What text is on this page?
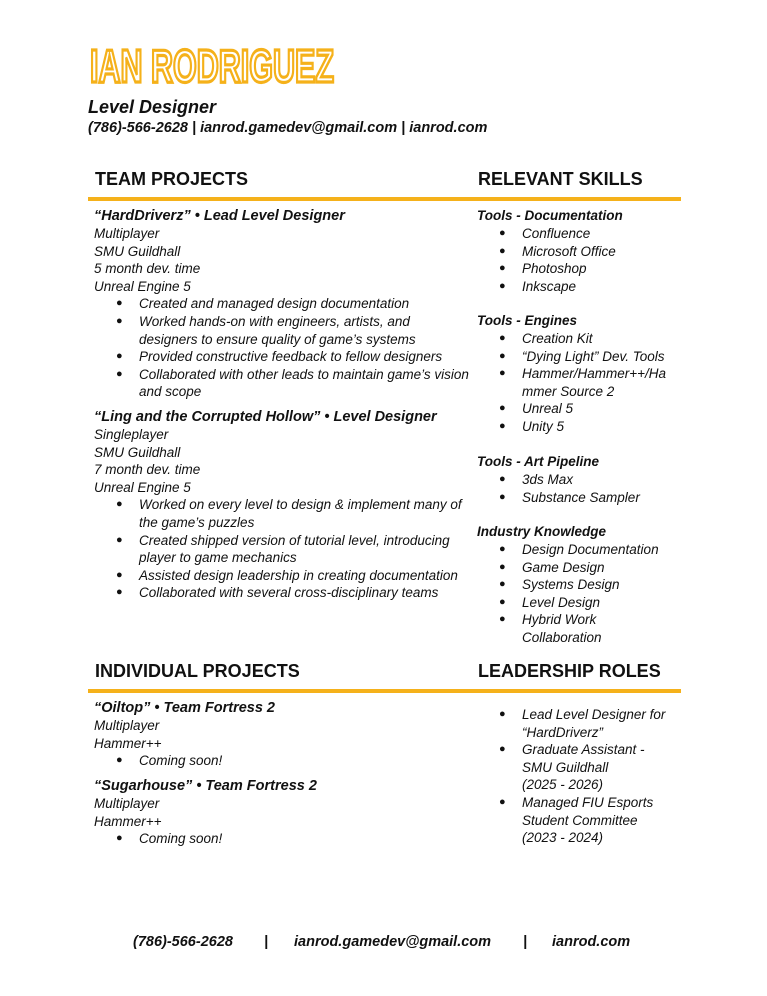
IAN RODRIGUEZ
Level Designer
(786)-566-2628 | ianrod.gamedev@gmail.com | ianrod.com
TEAM PROJECTS
“HardDriverz” • Lead Level Designer
Multiplayer
SMU Guildhall
5 month dev. time
Unreal Engine 5
● Created and managed design documentation
● Worked hands-on with engineers, artists, and designers to ensure quality of game’s systems
● Provided constructive feedback to fellow designers
● Collaborated with other leads to maintain game’s vision and scope
“Ling and the Corrupted Hollow” • Level Designer
Singleplayer
SMU Guildhall
7 month dev. time
Unreal Engine 5
● Worked on every level to design & implement many of the game’s puzzles
● Created shipped version of tutorial level, introducing player to game mechanics
● Assisted design leadership in creating documentation
● Collaborated with several cross-disciplinary teams
RELEVANT SKILLS
Tools - Documentation
● Confluence
● Microsoft Office
● Photoshop
● Inkscape
Tools - Engines
● Creation Kit
● “Dying Light” Dev. Tools
● Hammer/Hammer++/Hammer Source 2
● Unreal 5
● Unity 5
Tools - Art Pipeline
● 3ds Max
● Substance Sampler
Industry Knowledge
● Design Documentation
● Game Design
● Systems Design
● Level Design
● Hybrid Work Collaboration
INDIVIDUAL PROJECTS
“Oiltop” • Team Fortress 2
Multiplayer
Hammer++
● Coming soon!
“Sugarhouse” • Team Fortress 2
Multiplayer
Hammer++
● Coming soon!
LEADERSHIP ROLES
● Lead Level Designer for
“HardDriverz”
● Graduate Assistant -
SMU Guildhall
(2025 - 2026)
● Managed FIU Esports
Student Committee
(2023 - 2024)
(786)-566-2628 | ianrod.gamedev@gmail.com | ianrod.com
